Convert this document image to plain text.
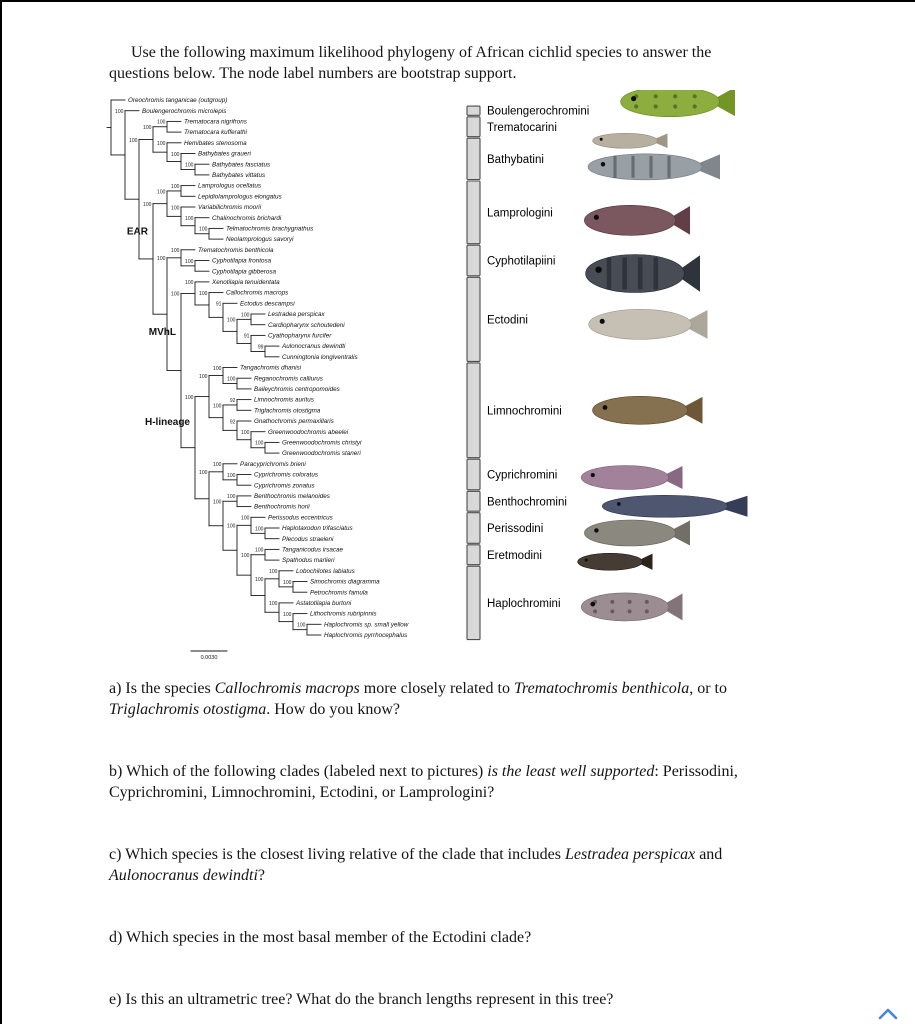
Use the following maximum likelihood phylogeny of African cichlid species to answer the questions below. The node label numbers are bootstrap support.

Boulengerochromini
Trematocarini
Bathybatini
Lamprologini
Cyphotilapiini
Ectodini
Limnochromini
Cyprichromini
Benthochromini
Perissodini
Eretmodini
Haplochromini
Oreochromis tanganicae (outgroup)
Boulengerochromis microlepis
Trematocara nigrifrons
Trematocara kufferathi
100
Hemibates stenosoma
Bathybates graueri
Bathybates fasciatus
Bathybates vittatus
100
100
100
100
Lamprologus ocellatus
Lepidiolamprologus elongatus
100
Variabilichromis moorii
Chalinochromis brichardi
Telmatochromis brachygnathus
Neolamprologus savoryi
100
100
100
100
Trematochromis benthicola
Cyphotilapia frontosa
Cyphotilapia gibberosa
100
100
Xenotilapia tenuidentata
Callochromis macrops
Ectodus descampsi
Lestradea perspicax
Cardiopharynx schoutedeni
100
Cyathopharynx furcifer
Aulonocranus dewindti
Cunningtonia longiventralis
99
91
100
91
100
100
Tangachromis dhanisi
Reganochromis calliurus
Baileychromis centropomoides
100
100
Limnochromis auritus
Triglachromis otostigma
92
Gnathochromis permaxillaris
Greenwoodochromis abeelei
Greenwoodochromis christyi
Greenwoodochromis staneri
100
100
92
100
100
Paracyprichromis brieni
Cyprichromis coloratus
Cyprichromis zonatus
100
100
Benthochromis melanoides
Benthochromis horii
100
Perissodus eccentricus
Haplotaxodon trifasciatus
Plecodus straeleni
100
100
Tanganicodus irsacae
Spathodus marlieri
100
Lobochilotes labiatus
Simochromis diagramma
Petrochromis famula
100
100
Astatotilapia burtoni
Lithochromis rubripinnis
Haplochromis sp. small yellow
Haplochromis pyrrhocephalus
100
100
100
100
100
100
100
100
100
H-lineage
100
MVhL
100
100
EAR
100
100
0.0030

a) Is the species Callochromis macrops more closely related to Trematochromis benthicola, or to Triglachromis otostigma. How do you know?

b) Which of the following clades (labeled next to pictures) is the least well supported: Perissodini, Cyprichromini, Limnochromini, Ectodini, or Lamprologini?

c) Which species is the closest living relative of the clade that includes Lestradea perspicax and Aulonocranus dewindti?

d) Which species in the most basal member of the Ectodini clade?

e) Is this an ultrametric tree? What do the branch lengths represent in this tree?
